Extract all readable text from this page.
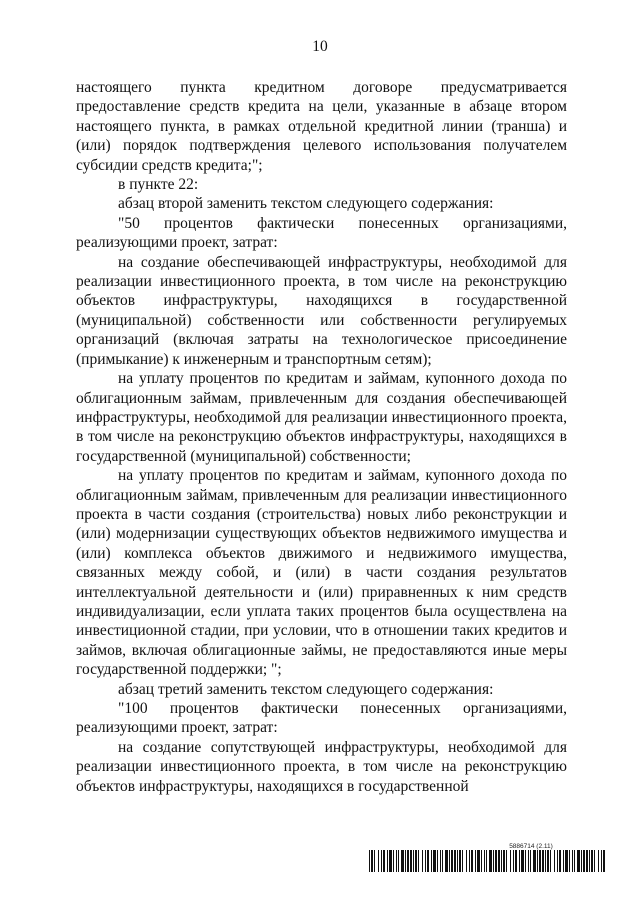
10

настоящего пункта кредитном договоре предусматривается предоставление средств кредита на цели, указанные в абзаце втором настоящего пункта, в рамках отдельной кредитной линии (транша) и (или) порядок подтверждения целевого использования получателем субсидии средств кредита;";

в пункте 22:

абзац второй заменить текстом следующего содержания:

"50 процентов фактически понесенных организациями, реализующими проект, затрат:

на создание обеспечивающей инфраструктуры, необходимой для реализации инвестиционного проекта, в том числе на реконструкцию объектов инфраструктуры, находящихся в государственной (муниципальной) собственности или собственности регулируемых организаций (включая затраты на технологическое присоединение (примыкание) к инженерным и транспортным сетям);

на уплату процентов по кредитам и займам, купонного дохода по облигационным займам, привлеченным для создания обеспечивающей инфраструктуры, необходимой для реализации инвестиционного проекта, в том числе на реконструкцию объектов инфраструктуры, находящихся в государственной (муниципальной) собственности;

на уплату процентов по кредитам и займам, купонного дохода по облигационным займам, привлеченным для реализации инвестиционного проекта в части создания (строительства) новых либо реконструкции и (или) модернизации существующих объектов недвижимого имущества и (или) комплекса объектов движимого и недвижимого имущества, связанных между собой, и (или) в части создания результатов интеллектуальной деятельности и (или) приравненных к ним средств индивидуализации, если уплата таких процентов была осуществлена на инвестиционной стадии, при условии, что в отношении таких кредитов и займов, включая облигационные займы, не предоставляются иные меры государственной поддержки; ";

абзац третий заменить текстом следующего содержания:

"100 процентов фактически понесенных организациями, реализующими проект, затрат:

на создание сопутствующей инфраструктуры, необходимой для реализации инвестиционного проекта, в том числе на реконструкцию объектов инфраструктуры, находящихся в государственной

5886714 (2.11)
